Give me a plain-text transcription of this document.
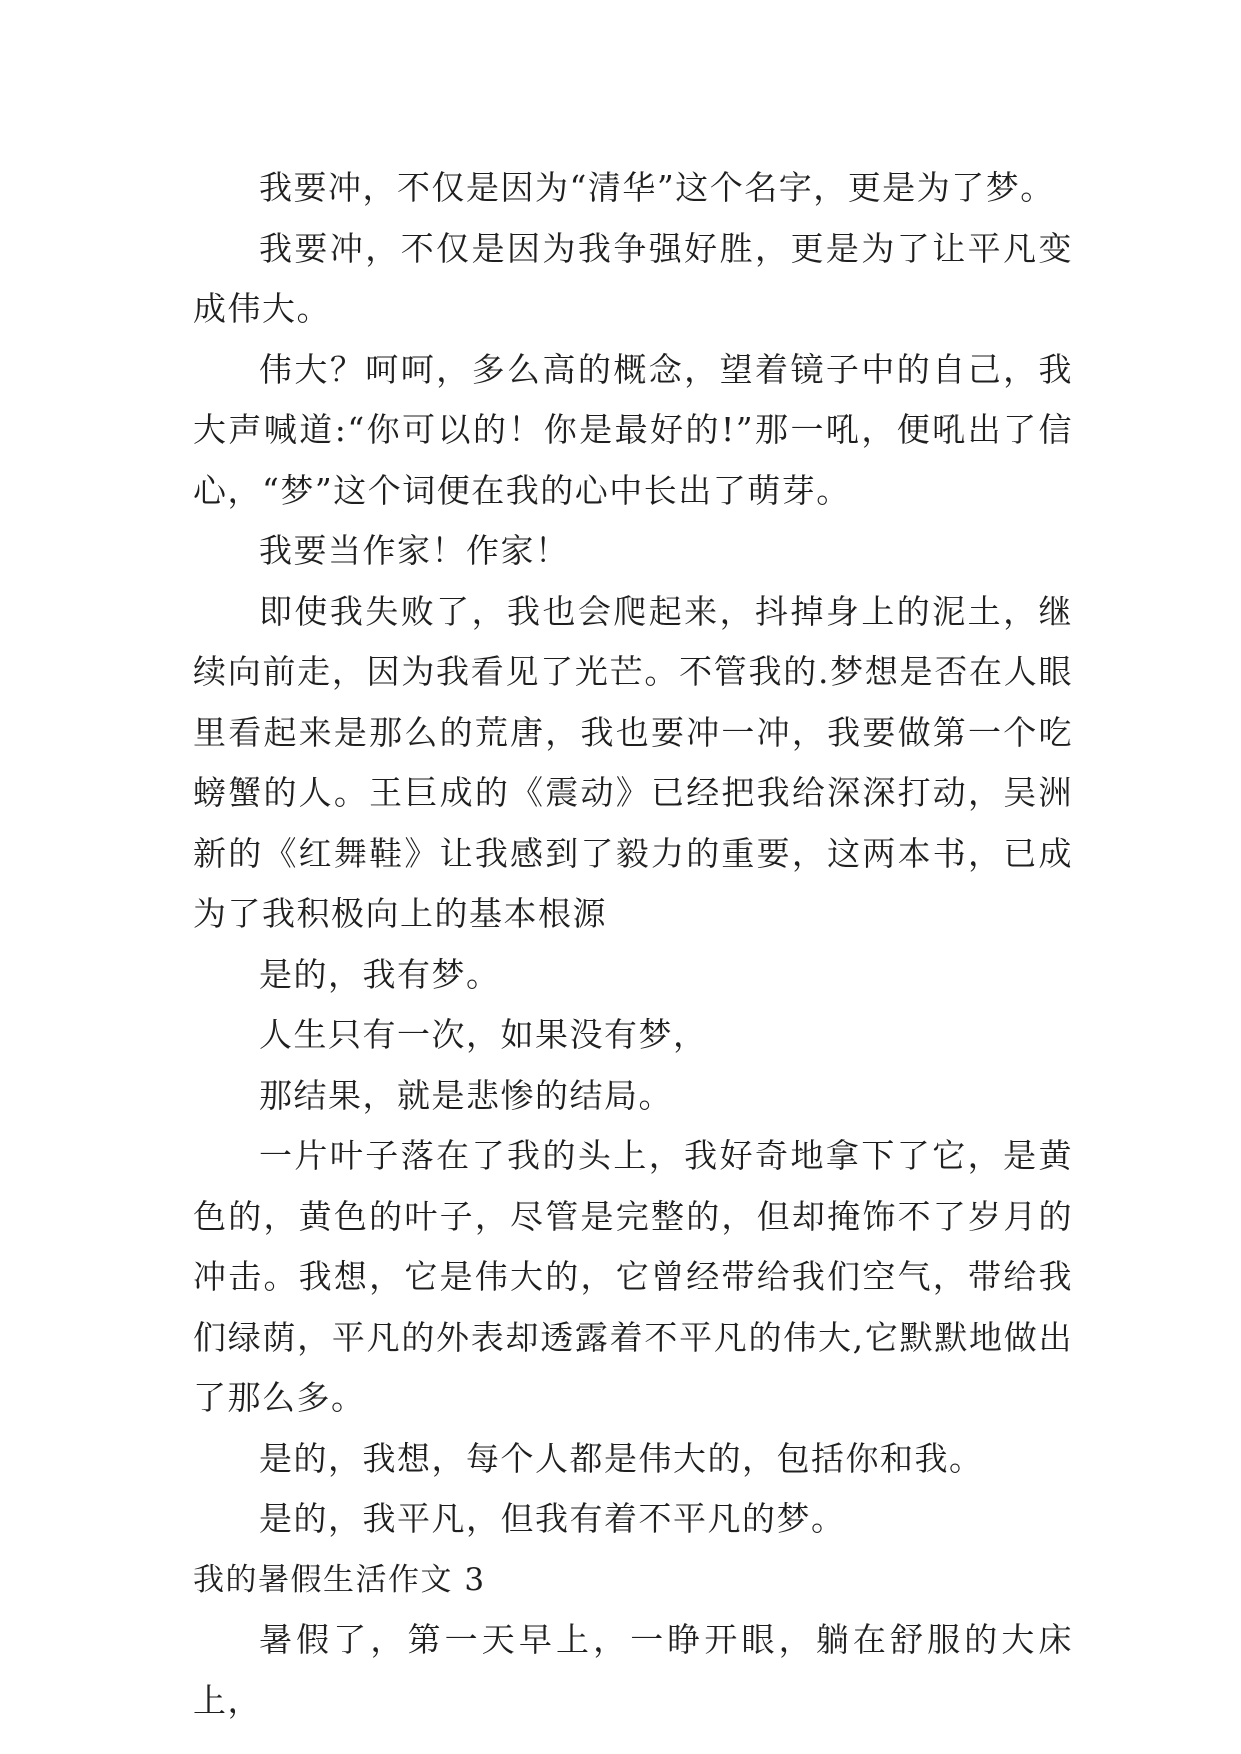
我要冲，不仅是因为“清华”这个名字，更是为了梦。

我要冲，不仅是因为我争强好胜，更是为了让平凡变成伟大。

伟大？呵呵，多么高的概念，望着镜子中的自己，我大声喊道:“你可以的！你是最好的!”那一吼，便吼出了信心，“梦”这个词便在我的心中长出了萌芽。

我要当作家！作家！

即使我失败了，我也会爬起来，抖掉身上的泥土，继续向前走，因为我看见了光芒。不管我的.梦想是否在人眼里看起来是那么的荒唐，我也要冲一冲，我要做第一个吃螃蟹的人。王巨成的《震动》已经把我给深深打动，吴洲新的《红舞鞋》让我感到了毅力的重要，这两本书，已成为了我积极向上的基本根源

是的，我有梦。

人生只有一次，如果没有梦，

那结果，就是悲惨的结局。

一片叶子落在了我的头上，我好奇地拿下了它，是黄色的，黄色的叶子，尽管是完整的，但却掩饰不了岁月的冲击。我想，它是伟大的，它曾经带给我们空气，带给我们绿荫，平凡的外表却透露着不平凡的伟大,它默默地做出了那么多。

是的，我想，每个人都是伟大的，包括你和我。

是的，我平凡，但我有着不平凡的梦。

我的暑假生活作文 3

暑假了，第一天早上，一睁开眼，躺在舒服的大床上，
